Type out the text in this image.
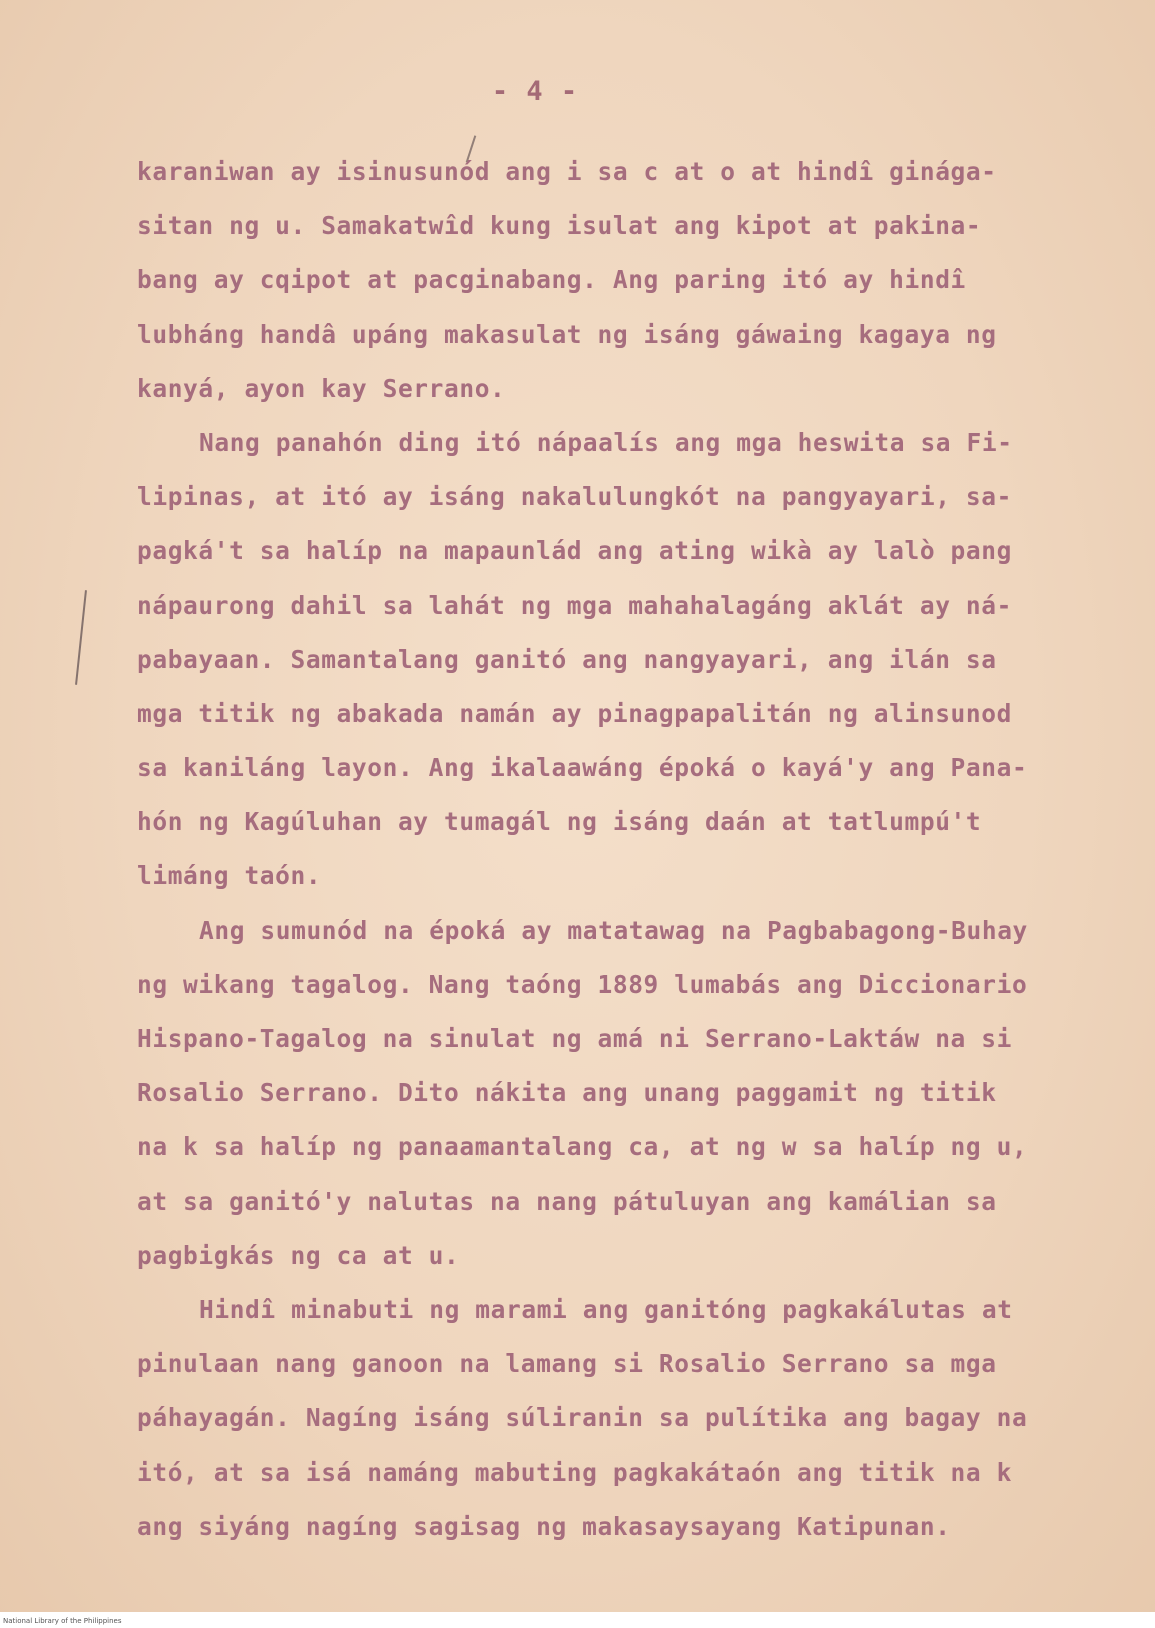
- 4 -
karaniwan ay isinusunód ang i sa c at o at hindî ginága-
sitan ng u. Samakatwîd kung isulat ang kipot at pakina-
bang ay cqipot at pacginabang. Ang paring itó ay hindî
lubháng handâ upáng makasulat ng isáng gáwaing kagaya ng
kanyá, ayon kay Serrano.
Nang panahón ding itó nápaalís ang mga heswita sa Fi-
lipinas, at itó ay isáng nakalulungkót na pangyayari, sa-
pagká't sa halíp na mapaunlád ang ating wikà ay lalò pang
nápaurong dahil sa lahát ng mga mahahalagáng aklát ay ná-
pabayaan. Samantalang ganitó ang nangyayari, ang ilán sa
mga titik ng abakada namán ay pinagpapalitán ng alinsunod
sa kaniláng layon. Ang ikalaawáng époká o kayá'y ang Pana-
hón ng Kagúluhan ay tumagál ng isáng daán at tatlumpú't
limáng taón.
Ang sumunód na époká ay matatawag na Pagbabagong-Buhay
ng wikang tagalog. Nang taóng 1889 lumabás ang Diccionario
Hispano-Tagalog na sinulat ng amá ni Serrano-Laktáw na si
Rosalio Serrano. Dito nákita ang unang paggamit ng titik
na k sa halíp ng panaamantalang ca, at ng w sa halíp ng u,
at sa ganitó'y nalutas na nang pátuluyan ang kamálian sa
pagbigkás ng ca at u.
Hindî minabuti ng marami ang ganitóng pagkakálutas at
pinulaan nang ganoon na lamang si Rosalio Serrano sa mga
páhayagán. Nagíng isáng súliranin sa pulítika ang bagay na
itó, at sa isá namáng mabuting pagkakátaón ang titik na k
ang siyáng nagíng sagisag ng makasaysayang Katipunan.
National Library of the Philippines
